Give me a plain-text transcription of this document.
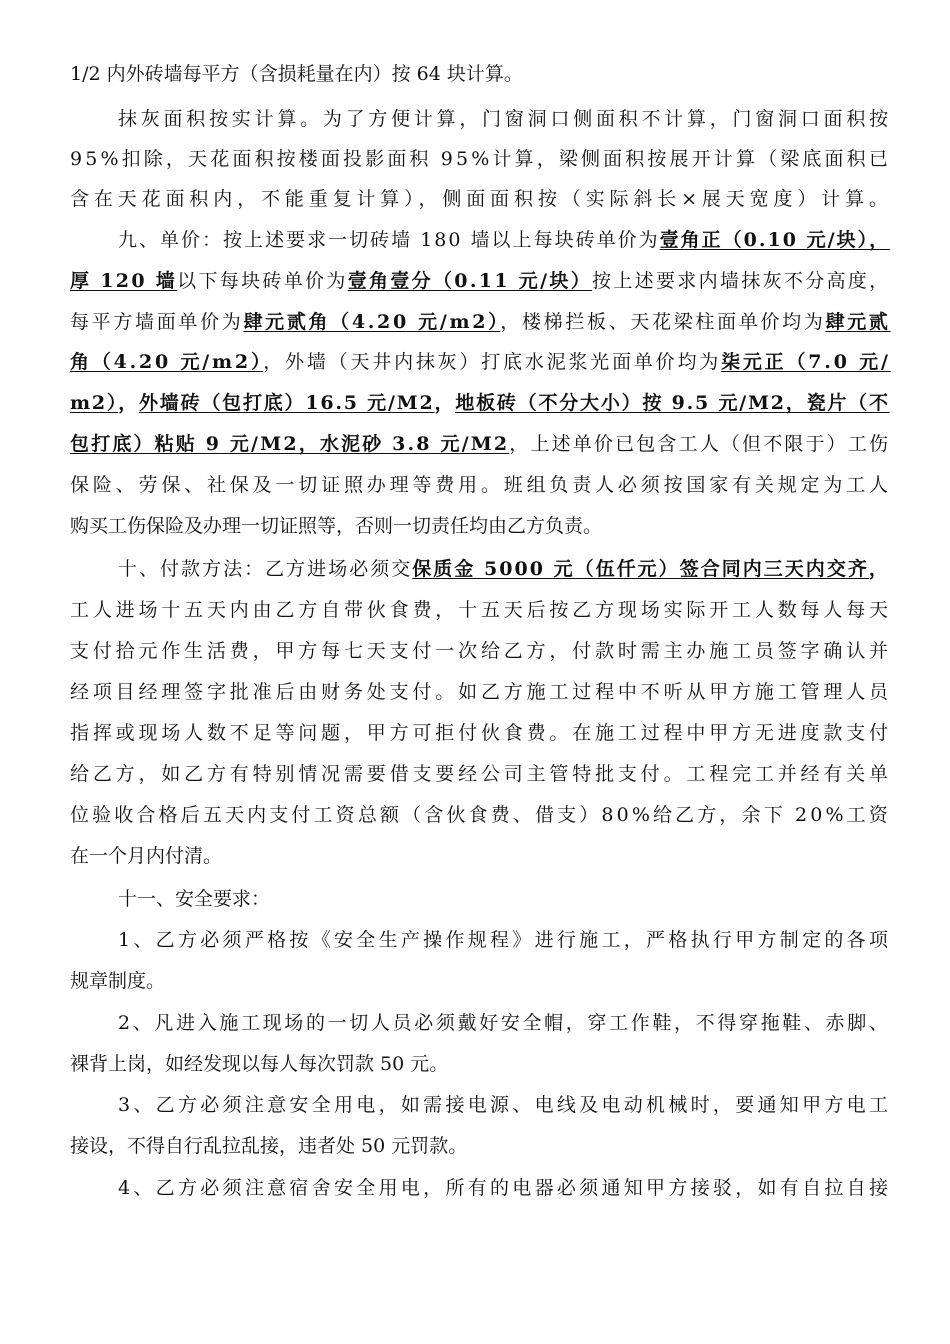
1/2 内外砖墙每平方（含损耗量在内）按 64 块计算。
抹灰面积按实计算。为了方便计算，门窗洞口侧面积不计算，门窗洞口面积按
95%扣除，天花面积按楼面投影面积 95%计算，梁侧面积按展开计算（梁底面积已
含在天花面积内，不能重复计算），侧面面积按（实际斜长×展天宽度）计算。
九、单价：按上述要求一切砖墙 180 墙以上每块砖单价为壹角正（0.10 元/块），
厚 120 墙以下每块砖单价为壹角壹分（0.11 元/块）按上述要求内墙抹灰不分高度，
每平方墙面单价为肆元贰角（4.20 元/m2），楼梯拦板、天花梁柱面单价均为肆元贰
角（4.20 元/m2），外墙（天井内抹灰）打底水泥浆光面单价均为柒元正（7.0 元/
m2），外墙砖（包打底）16.5 元/M2，地板砖（不分大小）按 9.5 元/M2，瓷片（不
包打底）粘贴 9 元/M2，水泥砂 3.8 元/M2，上述单价已包含工人（但不限于）工伤
保险、劳保、社保及一切证照办理等费用。班组负责人必须按国家有关规定为工人
购买工伤保险及办理一切证照等，否则一切责任均由乙方负责。
十、付款方法：乙方进场必须交保质金 5000 元（伍仟元）签合同内三天内交齐，
工人进场十五天内由乙方自带伙食费，十五天后按乙方现场实际开工人数每人每天
支付拾元作生活费，甲方每七天支付一次给乙方，付款时需主办施工员签字确认并
经项目经理签字批准后由财务处支付。如乙方施工过程中不听从甲方施工管理人员
指挥或现场人数不足等问题，甲方可拒付伙食费。在施工过程中甲方无进度款支付
给乙方，如乙方有特别情况需要借支要经公司主管特批支付。工程完工并经有关单
位验收合格后五天内支付工资总额（含伙食费、借支）80%给乙方，余下 20%工资
在一个月内付清。
十一、安全要求：
1、乙方必须严格按《安全生产操作规程》进行施工，严格执行甲方制定的各项
规章制度。
2、凡进入施工现场的一切人员必须戴好安全帽，穿工作鞋，不得穿拖鞋、赤脚、
裸背上岗，如经发现以每人每次罚款 50 元。
3、乙方必须注意安全用电，如需接电源、电线及电动机械时，要通知甲方电工
接设，不得自行乱拉乱接，违者处 50 元罚款。
4、乙方必须注意宿舍安全用电，所有的电器必须通知甲方接驳，如有自拉自接
